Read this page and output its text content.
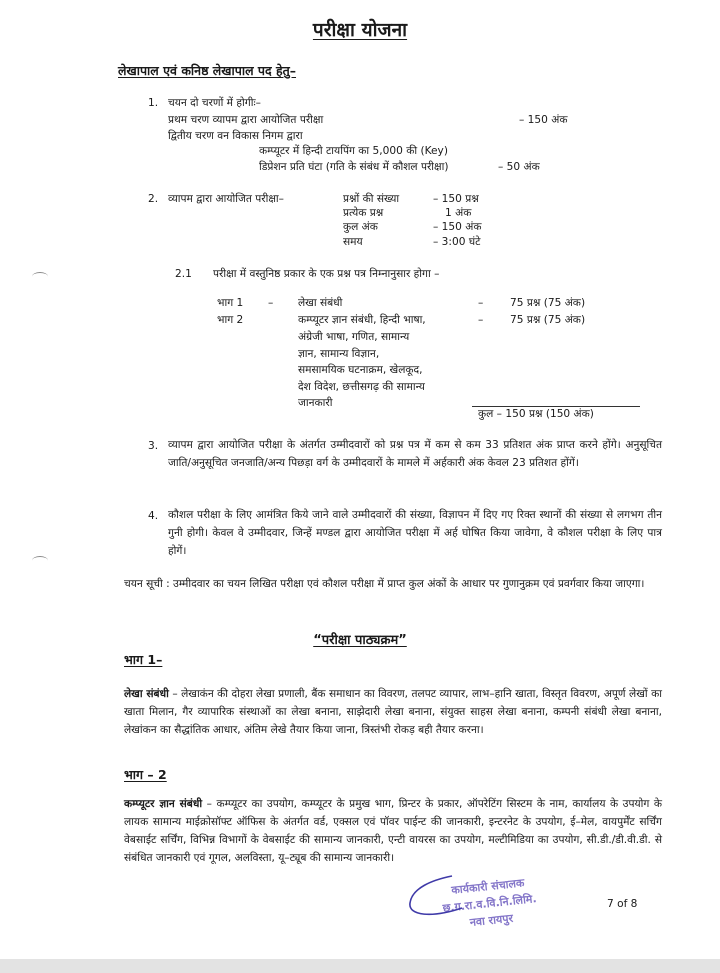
परीक्षा योजना
लेखापाल एवं कनिष्ठ लेखापाल पद हेतु–
1. चयन दो चरणों में होगीः–
प्रथम चरण व्यापम द्वारा आयोजित परीक्षा	– 150 अंक
द्वितीय चरण वन विकास निगम द्वारा
कम्प्यूटर में हिन्दी टायपिंग का 5,000 की (Key)
डिप्रेशन प्रति घंटा (गति के संबंध में कौशल परीक्षा)	– 50 अंक
2. व्यापम द्वारा आयोजित परीक्षा–	प्रश्नों की संख्या	– 150 प्रश्न
प्रत्येक प्रश्न	1 अंक
कुल अंक	– 150 अंक
समय	– 3:00 घंटे
2.1 परीक्षा में वस्तुनिष्ठ प्रकार के एक प्रश्न पत्र निम्नानुसार होगा –
भाग 1 – लेखा संबंधी	–	75 प्रश्न (75 अंक)
भाग 2	कम्प्यूटर ज्ञान संबंधी, हिन्दी भाषा,
अंग्रेजी भाषा, गणित, सामान्य
ज्ञान, सामान्य विज्ञान,
समसामयिक घटनाक्रम, खेलकूद,
देश विदेश, छत्तीसगढ़ की सामान्य
जानकारी
–	75 प्रश्न (75 अंक)
कुल – 150 प्रश्न (150 अंक)
3. व्यापम द्वारा आयोजित परीक्षा के अंतर्गत उम्मीदवारों को प्रश्न पत्र में कम से कम 33 प्रतिशत अंक प्राप्त करने होंगे। अनुसूचित जाति/अनुसूचित जनजाति/अन्य पिछड़ा वर्ग के उम्मीदवारों के मामले में अर्हकारी अंक केवल 23 प्रतिशत होंगें।
4. कौशल परीक्षा के लिए आमंत्रित किये जाने वाले उम्मीदवारों की संख्या, विज्ञापन में दिए गए रिक्त स्थानों की संख्या से लगभग तीन गुनी होगी। केवल वे उम्मीदवार, जिन्हें मण्डल द्वारा आयोजित परीक्षा में अर्ह घोषित किया जावेगा, वे कौशल परीक्षा के लिए पात्र होगें।
चयन सूची : उम्मीदवार का चयन लिखित परीक्षा एवं कौशल परीक्षा में प्राप्त कुल अंकों के आधार पर गुणानुक्रम एवं प्रवर्गवार किया जाएगा।
“परीक्षा पाठ्यक्रम”
भाग 1–
लेखा संबंधी – लेखाकंन की दोहरा लेखा प्रणाली, बैंक समाधान का विवरण, तलपट व्यापार, लाभ–हानि खाता, विस्तृत विवरण, अपूर्ण लेखों का खाता मिलान, गैर व्यापारिक संस्थाओं का लेखा बनाना, साझेदारी लेखा बनाना, संयुक्त साहस लेखा बनाना, कम्पनी संबंधी लेखा बनाना, लेखांकन का सैद्धांतिक आधार, अंतिम लेखे तैयार किया जाना, त्रिस्तंभी रोकड़ बही तैयार करना।
भाग – 2
कम्प्यूटर ज्ञान संबंधी – कम्प्यूटर का उपयोग, कम्प्यूटर के प्रमुख भाग, प्रिन्टर के प्रकार, ऑपरेटिंग सिस्टम के नाम, कार्यालय के उपयोग के लायक सामान्य माईक्रोसॉफ्ट ऑफिस के अंतर्गत वर्ड, एक्सल एवं पॉवर पाईन्ट की जानकारी, इन्टरनेट के उपयोग, ई–मेल, वायपुर्मेंट सर्चिंग वेबसाईट सर्चिंग, विभिन्न विभागों के वेबसाईट की सामान्य जानकारी, एन्टी वायरस का उपयोग, मल्टीमिडिया का उपयोग, सी.डी./डी.वी.डी. से संबंधित जानकारी एवं गूगल, अलविस्ता, यू–ट्यूब की सामान्य जानकारी।
कार्यकारी संचालक
छ.ग.रा.व.वि.नि.लिमि.
नवा रायपुर
7 of 8
